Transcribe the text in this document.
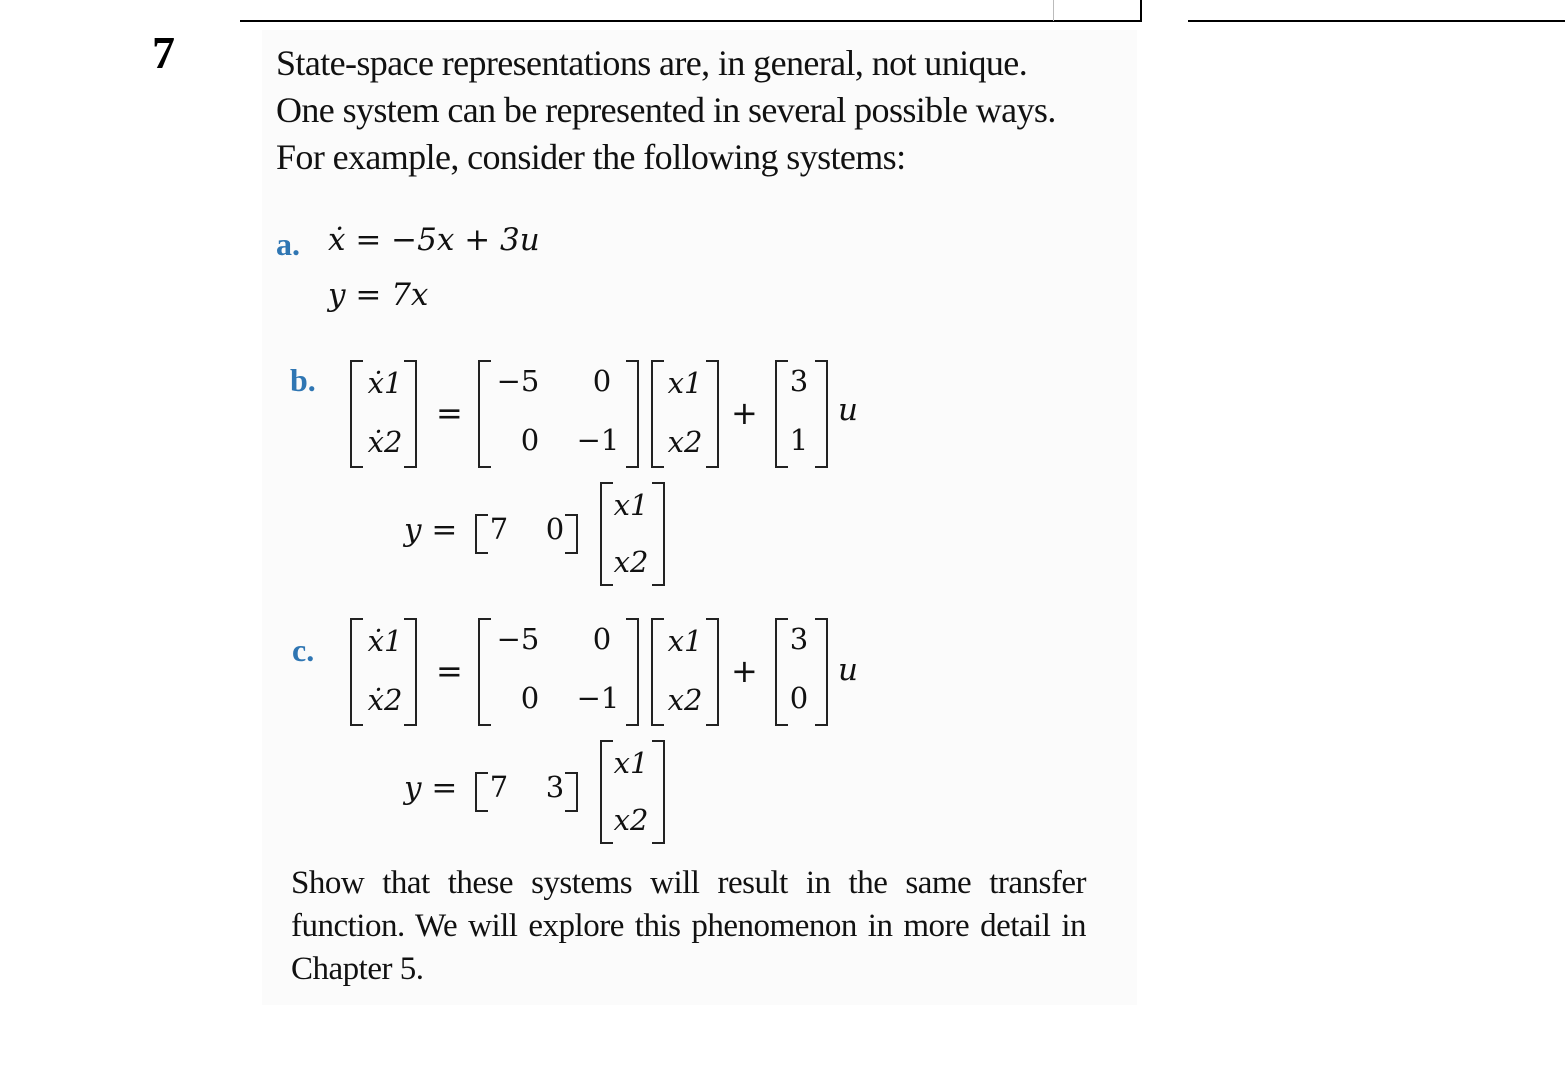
7	State-space representations are, in general, not unique.
One system can be represented in several possible ways.
For example, consider the following systems:
a. ẋ = −5x + 3u
y = 7x
b. ẋ1
ẋ2
=
−5	0
0	−1
x1
x2
+
3
1
u
y = 7 0
x1
x2
c. ẋ1
ẋ2
=
−5	0
0	−1
x1
x2
+
3
0
u
y = 7 3
x1
x2
Show that these systems will result in the same transfer function. We will explore this phenomenon in more detail in Chapter 5.
